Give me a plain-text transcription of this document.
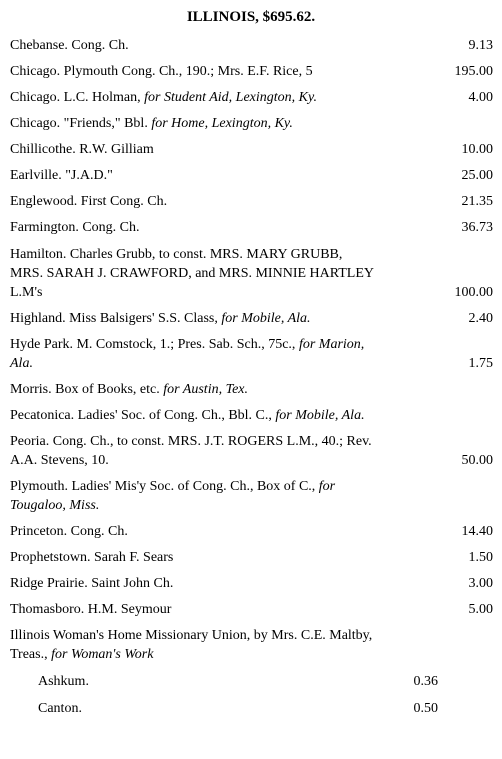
ILLINOIS, $695.62.
Chebanse. Cong. Ch.	9.13
Chicago. Plymouth Cong. Ch., 190.; Mrs. E.F. Rice, 5	195.00
Chicago. L.C. Holman, for Student Aid, Lexington, Ky.	4.00
Chicago. "Friends," Bbl. for Home, Lexington, Ky.
Chillicothe. R.W. Gilliam	10.00
Earlville. "J.A.D."	25.00
Englewood. First Cong. Ch.	21.35
Farmington. Cong. Ch.	36.73
Hamilton. Charles Grubb, to const. MRS. MARY GRUBB, MRS. SARAH J. CRAWFORD, and MRS. MINNIE HARTLEY L.M's	100.00
Highland. Miss Balsigers' S.S. Class, for Mobile, Ala.	2.40
Hyde Park. M. Comstock, 1.; Pres. Sab. Sch., 75c., for Marion, Ala.	1.75
Morris. Box of Books, etc. for Austin, Tex.
Pecatonica. Ladies' Soc. of Cong. Ch., Bbl. C., for Mobile, Ala.
Peoria. Cong. Ch., to const. MRS. J.T. ROGERS L.M., 40.; Rev. A.A. Stevens, 10.	50.00
Plymouth. Ladies' Mis'y Soc. of Cong. Ch., Box of C., for Tougaloo, Miss.
Princeton. Cong. Ch.	14.40
Prophetstown. Sarah F. Sears	1.50
Ridge Prairie. Saint John Ch.	3.00
Thomasboro. H.M. Seymour	5.00
Illinois Woman's Home Missionary Union, by Mrs. C.E. Maltby, Treas., for Woman's Work
Ashkum.	0.36
Canton.	0.50
